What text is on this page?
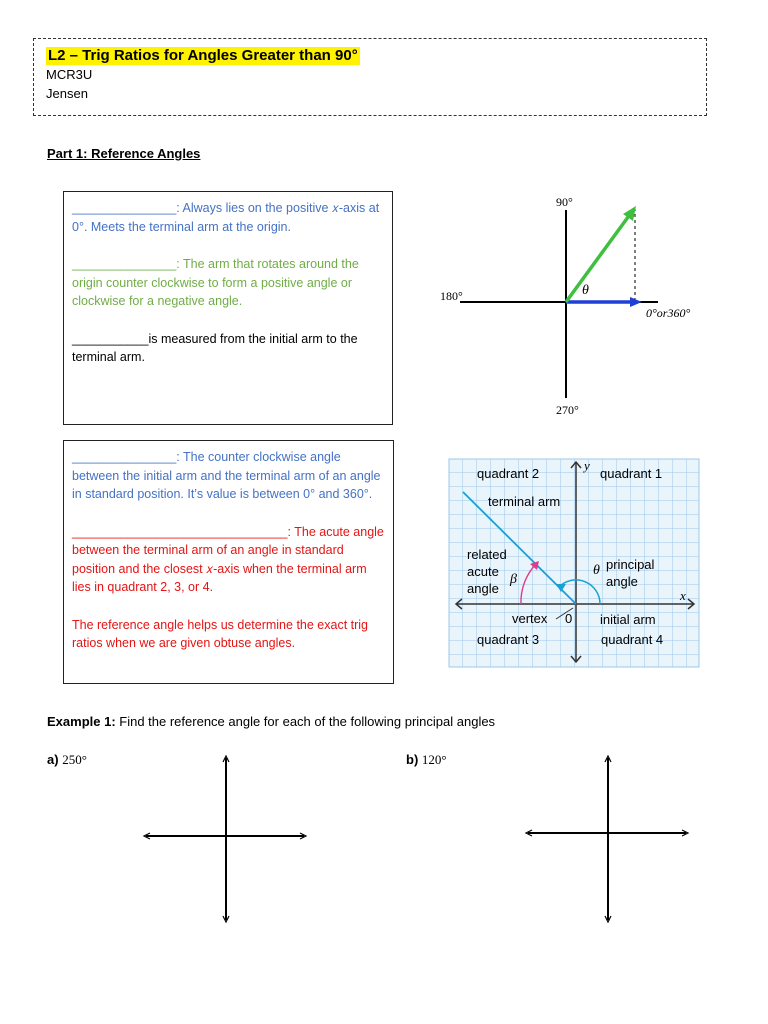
L2 – Trig Ratios for Angles Greater than 90°
MCR3U
Jensen
Part 1: Reference Angles

_______________: Always lies on the positive 𝑥-axis at 0°. Meets the terminal arm at the origin.

_______________: The arm that rotates around the origin counter clockwise to form a positive angle or clockwise for a negative angle.

___________is measured from the initial arm to the terminal arm.

_______________: The counter clockwise angle between the initial arm and the terminal arm of an angle in standard position. It’s value is between 0° and 360°.

_______________________________: The acute angle between the terminal arm of an angle in standard position and the closest 𝑥-axis when the terminal arm lies in quadrant 2, 3, or 4.

The reference angle helps us determine the exact trig ratios when we are given obtuse angles.

90°
180°
270°
0°or360°
θ
quadrant 2	quadrant 1
terminal arm
related
acute
angle
β
θ principal
angle
x
y
vertex 0 initial arm
quadrant 3	quadrant 4
Example 1: Find the reference angle for each of the following principal angles
a) 250°	b) 120°
